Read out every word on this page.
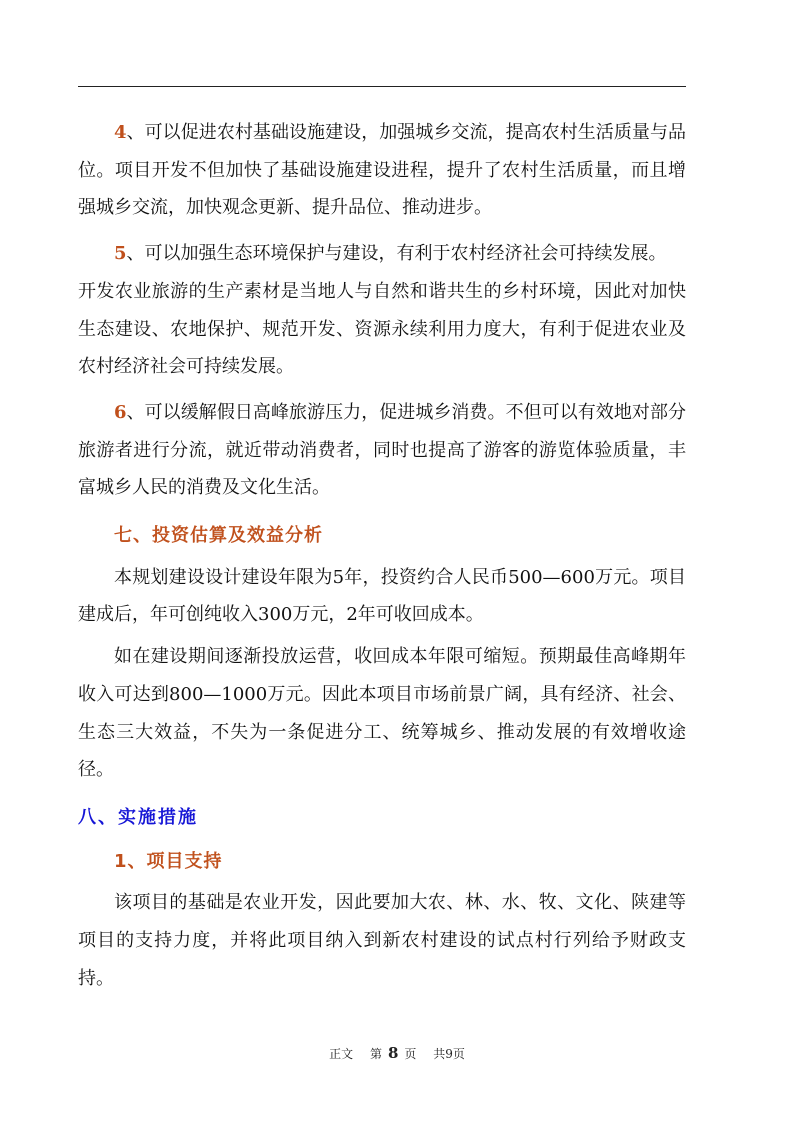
4、可以促进农村基础设施建设，加强城乡交流，提高农村生活质量与品位。项目开发不但加快了基础设施建设进程，提升了农村生活质量，而且增强城乡交流，加快观念更新、提升品位、推动进步。

5、可以加强生态环境保护与建设，有利于农村经济社会可持续发展。

开发农业旅游的生产素材是当地人与自然和谐共生的乡村环境，因此对加快生态建设、农地保护、规范开发、资源永续利用力度大，有利于促进农业及农村经济社会可持续发展。

6、可以缓解假日高峰旅游压力，促进城乡消费。不但可以有效地对部分旅游者进行分流，就近带动消费者，同时也提高了游客的游览体验质量，丰富城乡人民的消费及文化生活。

七、投资估算及效益分析

本规划建设设计建设年限为5年，投资约合人民币500—600万元。项目建成后，年可创纯收入300万元，2年可收回成本。

如在建设期间逐渐投放运营，收回成本年限可缩短。预期最佳高峰期年收入可达到800—1000万元。因此本项目市场前景广阔，具有经济、社会、生态三大效益，不失为一条促进分工、统筹城乡、推动发展的有效增收途径。

八、实施措施
1、项目支持

该项目的基础是农业开发，因此要加大农、林、水、牧、文化、陕建等项目的支持力度，并将此项目纳入到新农村建设的试点村行列给予财政支持。

正文 第 8 页 共9页
